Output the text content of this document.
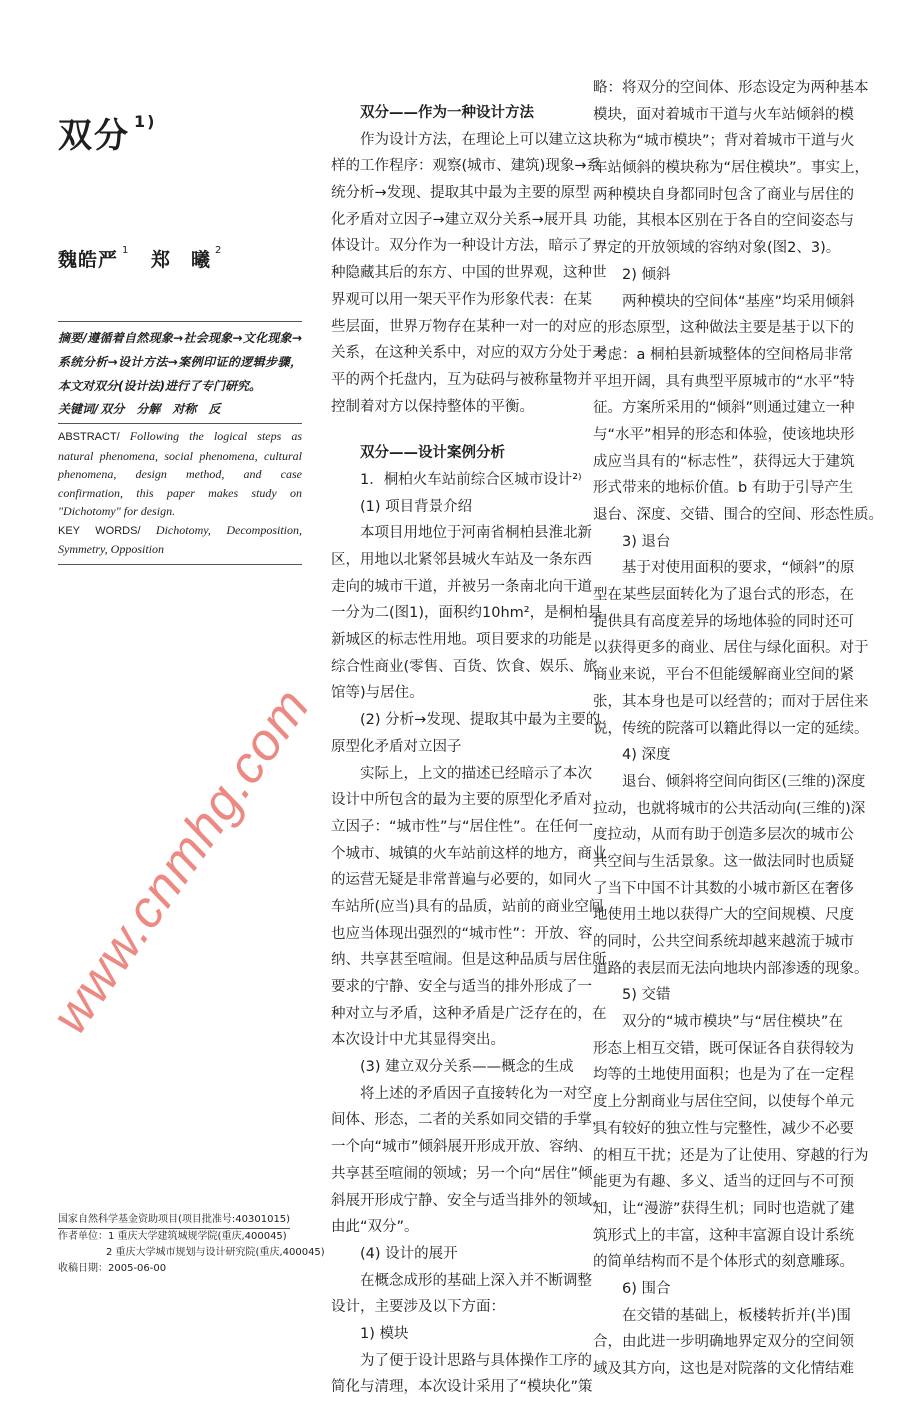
双分 $^{1)}$
魏皓严 $^1$ 郑　曦 $^2$
摘要/遵循着自然现象→社会现象→文化现象→系统分析→设计方法→案例印证的逻辑步骤，本文对双分(设计法)进行了专门研究。
关键词/ 双分 分解 对称 反
ABSTRACT/ Following the logical steps as natural phenomena, social phenomena, cultural phenomena, design method, and case confirmation, this paper makes study on "Dichotomy" for design.
KEY WORDS/ Dichotomy, Decomposition, Symmetry, Opposition
国家自然科学基金资助项目(项目批准号:40301015)
作者单位：1 重庆大学建筑城规学院(重庆,400045)
2 重庆大学城市规划与设计研究院(重庆,400045)
收稿日期：2005-06-00
双分——作为一种设计方法
作为设计方法，在理论上可以建立这
样的工作程序：观察(城市、建筑)现象→系
统分析→发现、提取其中最为主要的原型
化矛盾对立因子→建立双分关系→展开具
体设计。双分作为一种设计方法，暗示了一
种隐藏其后的东方、中国的世界观，这种世
界观可以用一架天平作为形象代表：在某
些层面，世界万物存在某种一对一的对应
关系，在这种关系中，对应的双方分处于天
平的两个托盘内，互为砝码与被称量物并
控制着对方以保持整体的平衡。
双分——设计案例分析
1．桐柏火车站前综合区城市设计²⁾
(1) 项目背景介绍
本项目用地位于河南省桐柏县淮北新
区，用地以北紧邻县城火车站及一条东西
走向的城市干道，并被另一条南北向干道
一分为二(图1)，面积约10hm²，是桐柏县
新城区的标志性用地。项目要求的功能是
综合性商业(零售、百货、饮食、娱乐、旅
馆等)与居住。
(2) 分析→发现、提取其中最为主要的
原型化矛盾对立因子
实际上，上文的描述已经暗示了本次
设计中所包含的最为主要的原型化矛盾对
立因子：“城市性”与“居住性”。在任何一
个城市、城镇的火车站前这样的地方，商业
的运营无疑是非常普遍与必要的，如同火
车站所(应当)具有的品质，站前的商业空间
也应当体现出强烈的“城市性”：开放、容
纳、共享甚至喧闹。但是这种品质与居住所
要求的宁静、安全与适当的排外形成了一
种对立与矛盾，这种矛盾是广泛存在的，在
本次设计中尤其显得突出。
(3) 建立双分关系——概念的生成
将上述的矛盾因子直接转化为一对空
间体、形态，二者的关系如同交错的手掌，
一个向“城市”倾斜展开形成开放、容纳、
共享甚至喧闹的领域；另一个向“居住”倾
斜展开形成宁静、安全与适当排外的领域。
由此“双分”。
(4) 设计的展开
在概念成形的基础上深入并不断调整
设计，主要涉及以下方面：
1) 模块
为了便于设计思路与具体操作工序的
简化与清理，本次设计采用了“模块化”策
略：将双分的空间体、形态设定为两种基本
模块，面对着城市干道与火车站倾斜的模
块称为“城市模块”；背对着城市干道与火
车站倾斜的模块称为“居住模块”。事实上，
两种模块自身都同时包含了商业与居住的
功能，其根本区别在于各自的空间姿态与
界定的开放领域的容纳对象(图2、3)。
2) 倾斜
两种模块的空间体“基座”均采用倾斜
的形态原型，这种做法主要是基于以下的
考虑：a 桐柏县新城整体的空间格局非常
平坦开阔，具有典型平原城市的“水平”特
征。方案所采用的“倾斜”则通过建立一种
与“水平”相异的形态和体验，使该地块形
成应当具有的“标志性”，获得远大于建筑
形式带来的地标价值。b 有助于引导产生
退台、深度、交错、围合的空间、形态性质。
3) 退台
基于对使用面积的要求，“倾斜”的原
型在某些层面转化为了退台式的形态，在
提供具有高度差异的场地体验的同时还可
以获得更多的商业、居住与绿化面积。对于
商业来说，平台不但能缓解商业空间的紧
张，其本身也是可以经营的；而对于居住来
说，传统的院落可以籍此得以一定的延续。
4) 深度
退台、倾斜将空间向街区(三维的)深度
拉动，也就将城市的公共活动向(三维的)深
度拉动，从而有助于创造多层次的城市公
共空间与生活景象。这一做法同时也质疑
了当下中国不计其数的小城市新区在奢侈
地使用土地以获得广大的空间规模、尺度
的同时，公共空间系统却越来越流于城市
道路的表层而无法向地块内部渗透的现象。
5) 交错
双分的“城市模块”与“居住模块”在
形态上相互交错，既可保证各自获得较为
均等的土地使用面积；也是为了在一定程
度上分割商业与居住空间，以使每个单元
具有较好的独立性与完整性，减少不必要
的相互干扰；还是为了让使用、穿越的行为
能更为有趣、多义、适当的迂回与不可预
知，让“漫游”获得生机；同时也造就了建
筑形式上的丰富，这种丰富源自设计系统
的简单结构而不是个体形式的刻意雕琢。
6) 围合
在交错的基础上，板楼转折并(半)围
合，由此进一步明确地界定双分的空间领
域及其方向，这也是对院落的文化情结难
www.cnmhg.com
